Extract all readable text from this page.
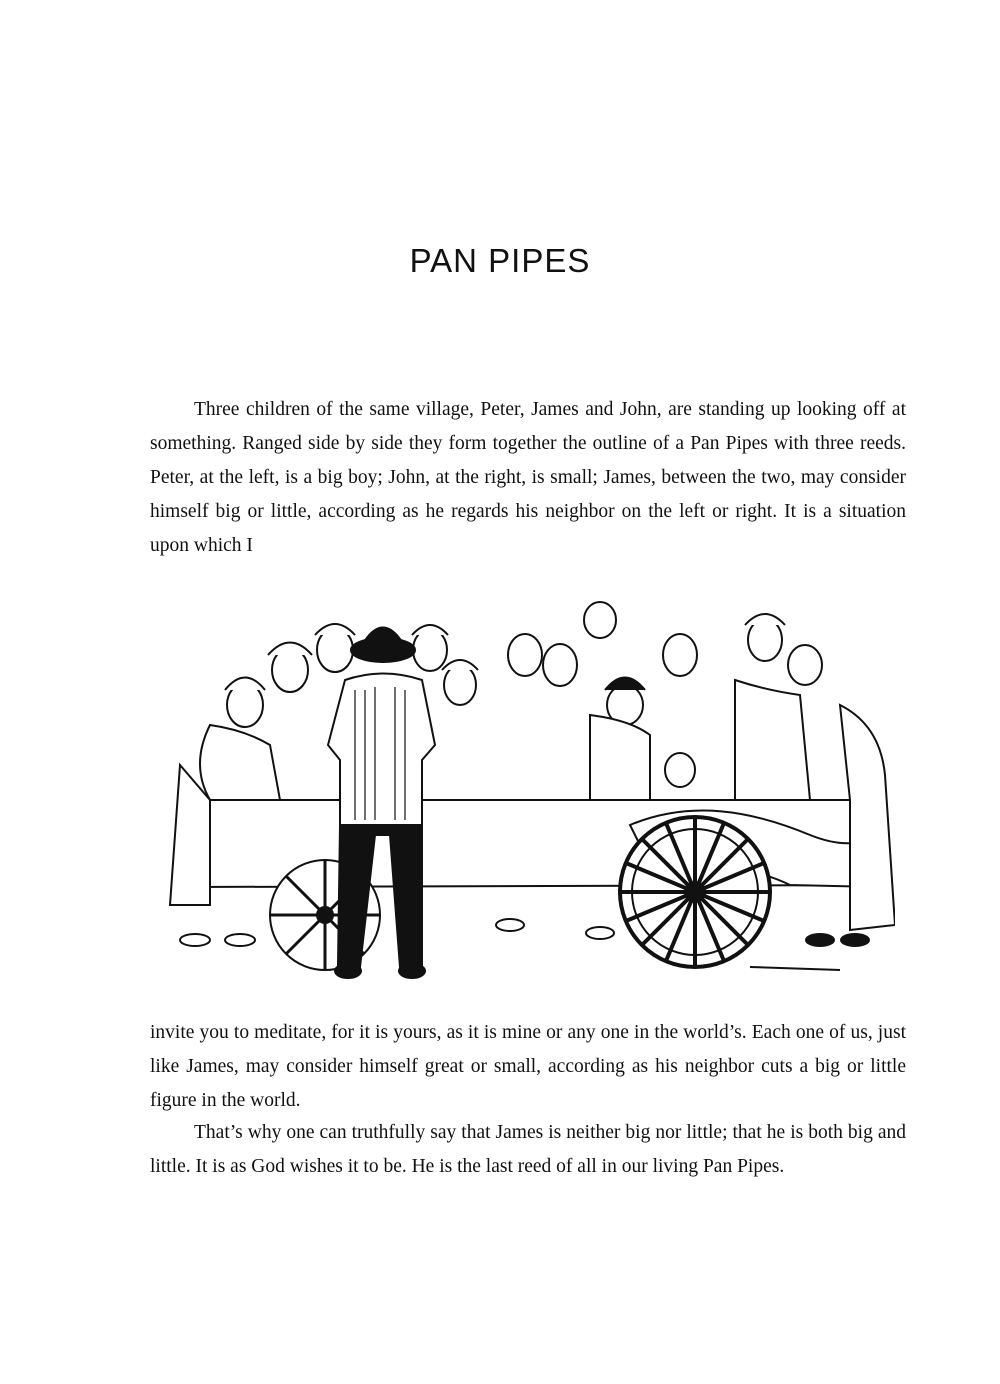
PAN PIPES

Three children of the same village, Peter, James and John, are standing up looking off at something. Ranged side by side they form together the outline of a Pan Pipes with three reeds. Peter, at the left, is a big boy; John, at the right, is small; James, between the two, may consider himself big or little, according as he regards his neighbor on the left or right. It is a situation upon which I

invite you to meditate, for it is yours, as it is mine or any one in the world’s. Each one of us, just like James, may consider himself great or small, according as his neighbor cuts a big or little figure in the world.

That’s why one can truthfully say that James is neither big nor little; that he is both big and little. It is as God wishes it to be. He is the last reed of all in our living Pan Pipes.
